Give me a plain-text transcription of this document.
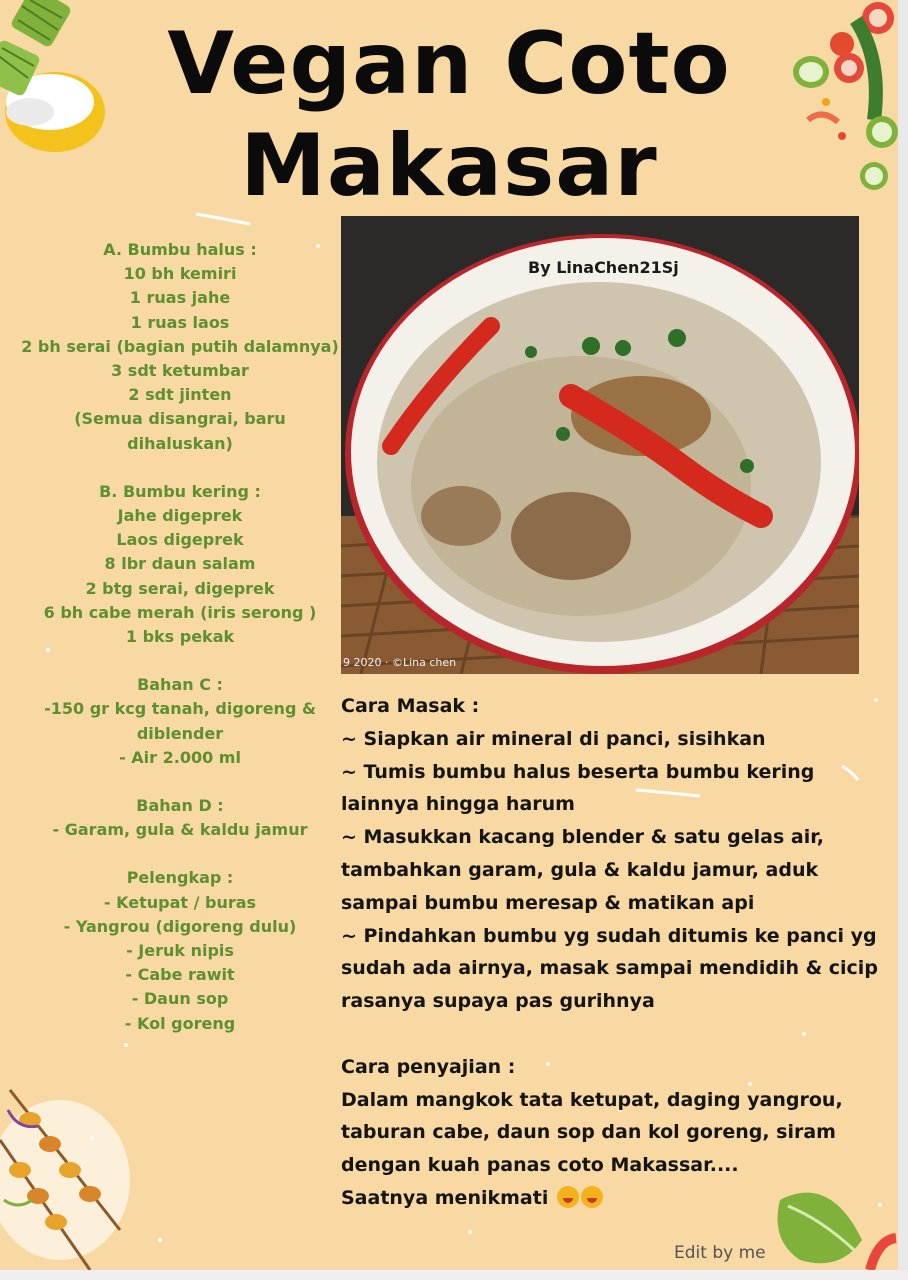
Vegan Coto
Makasar
A. Bumbu halus :
10 bh kemiri
1 ruas jahe
1 ruas laos
2 bh serai (bagian putih dalamnya)
3 sdt ketumbar
2 sdt jinten
(Semua disangrai, baru dihaluskan)
B. Bumbu kering :
Jahe digeprek
Laos digeprek
8 lbr daun salam
2 btg serai, digeprek
6 bh cabe merah (iris serong )
1 bks pekak
Bahan C :
-150 gr kcg tanah, digoreng &
diblender
- Air 2.000 ml
Bahan D :
- Garam, gula & kaldu jamur
Pelengkap :
- Ketupat / buras
- Yangrou (digoreng dulu)
- Jeruk nipis
- Cabe rawit
- Daun sop
- Kol goreng
By LinaChen21Sj
9 2020 · ©Lina chen

Cara Masak :

~ Siapkan air mineral di panci, sisihkan

~ Tumis bumbu halus beserta bumbu kering lainnya hingga harum

~ Masukkan kacang blender & satu gelas air, tambahkan garam, gula & kaldu jamur, aduk sampai bumbu meresap & matikan api

~ Pindahkan bumbu yg sudah ditumis ke panci yg sudah ada airnya, masak sampai mendidih & cicip rasanya supaya pas gurihnya

Cara penyajian :

Dalam mangkok tata ketupat, daging yangrou, taburan cabe, daun sop dan kol goreng, siram dengan kuah panas coto Makassar....

Saatnya menikmati

Edit by me
